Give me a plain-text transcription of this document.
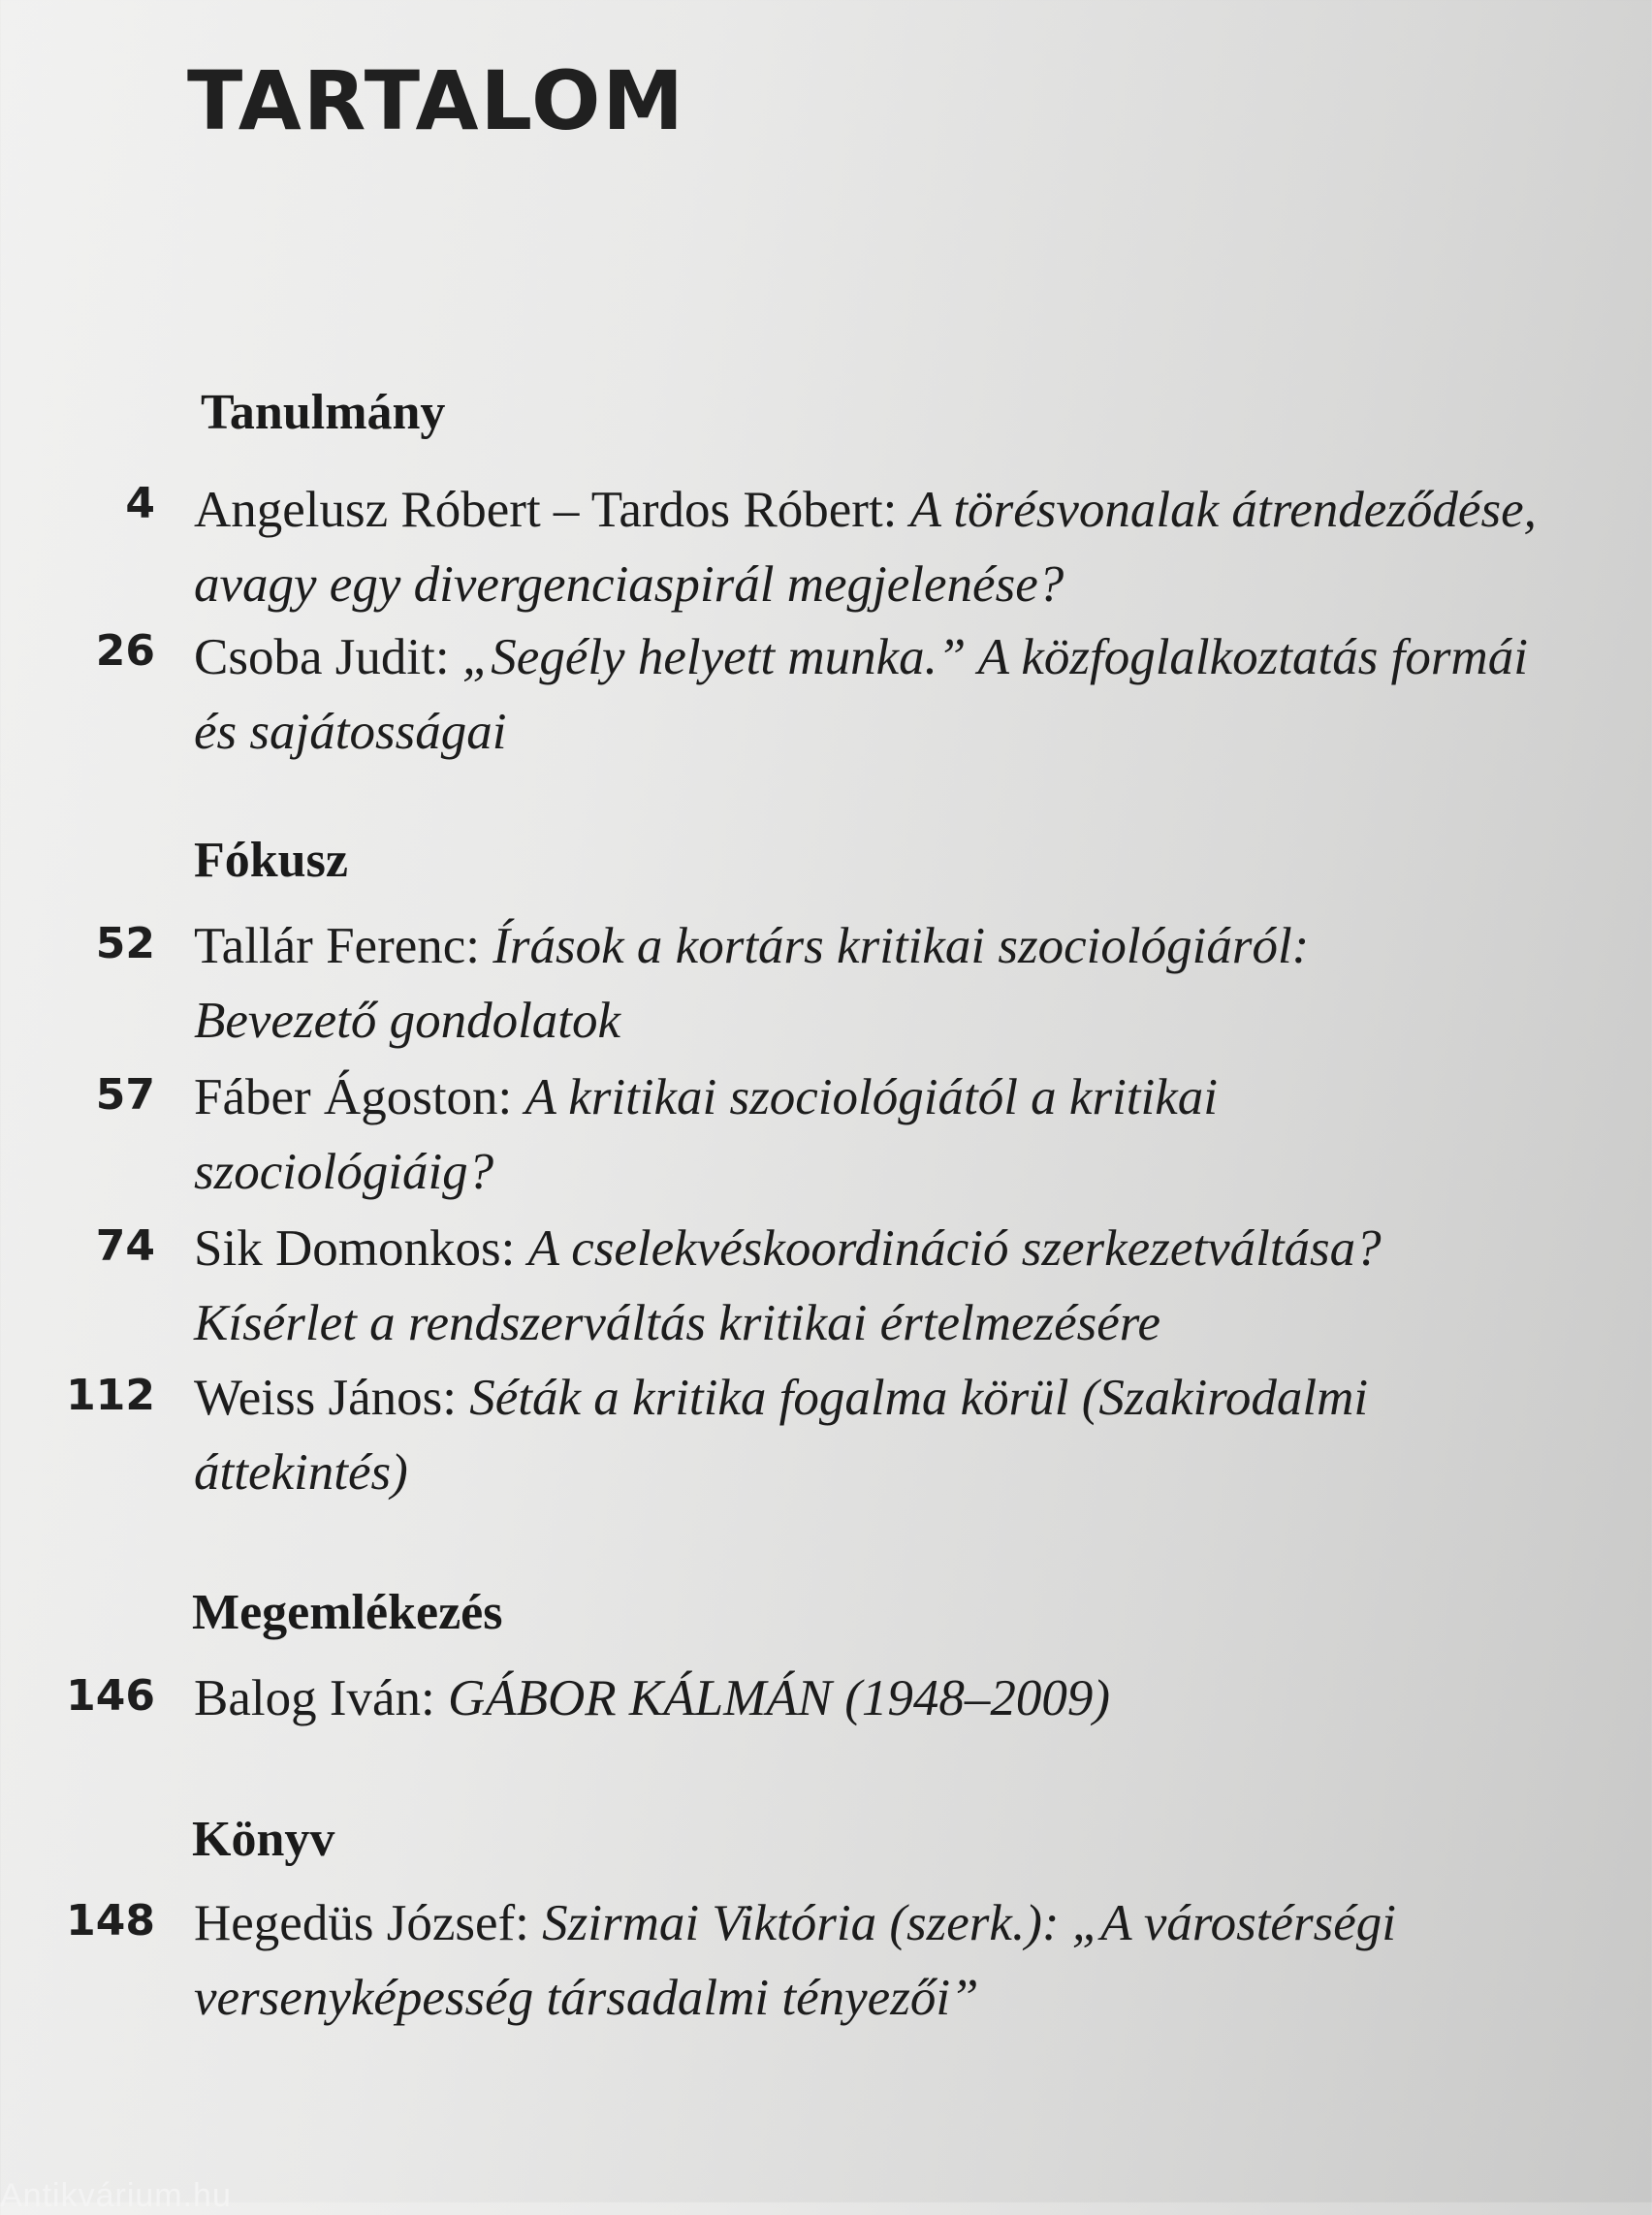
TARTALOM
Tanulmány
4 Angelusz Róbert – Tardos Róbert: A törésvonalak átrendeződése, avagy egy divergenciaspirál megjelenése?
26 Csoba Judit: „Segély helyett munka.” A közfoglalkoztatás formái és sajátosságai
Fókusz
52 Tallár Ferenc: Írások a kortárs kritikai szociológiáról: Bevezető gondolatok
57 Fáber Ágoston: A kritikai szociológiától a kritikai szociológiáig?
74 Sik Domonkos: A cselekvéskoordináció szerkezetváltása? Kísérlet a rendszerváltás kritikai értelmezésére
112 Weiss János: Séták a kritika fogalma körül (Szakirodalmi áttekintés)
Megemlékezés
146 Balog Iván: GÁBOR KÁLMÁN (1948–2009)
Könyv
148 Hegedüs József: Szirmai Viktória (szerk.): „A várostérségi versenyképesség társadalmi tényezői”
Antikvárium.hu
